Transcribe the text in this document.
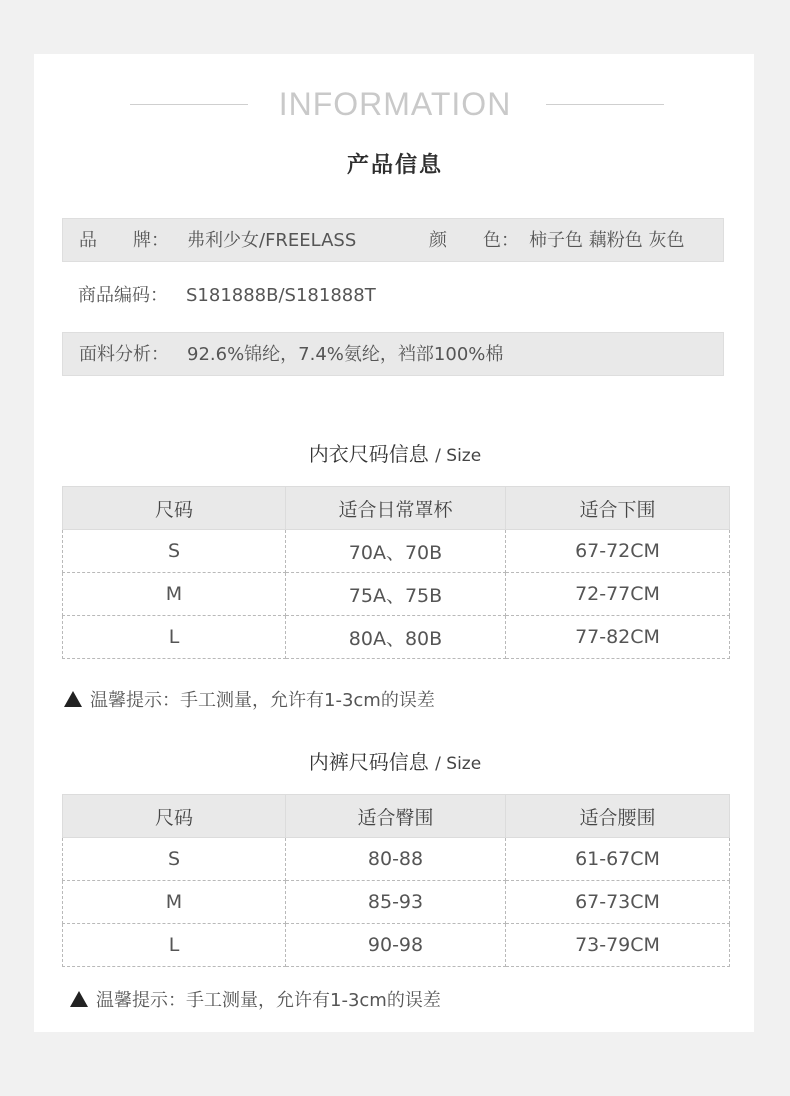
INFORMATION
产品信息
品　　牌： 弗利少女/FREELASS	颜　　色： 柿子色 藕粉色 灰色
商品编码： S181888B/S181888T
面料分析： 92.6%锦纶，7.4%氨纶，裆部100%棉
内衣尺码信息 / Size
尺码	适合日常罩杯	适合下围
S	70A、70B	67-72CM
M	75A、75B	72-77CM
L	80A、80B	77-82CM
温馨提示：手工测量，允许有1-3cm的误差
内裤尺码信息 / Size
尺码	适合臀围	适合腰围
S	80-88	61-67CM
M	85-93	67-73CM
L	90-98	73-79CM
温馨提示：手工测量，允许有1-3cm的误差
